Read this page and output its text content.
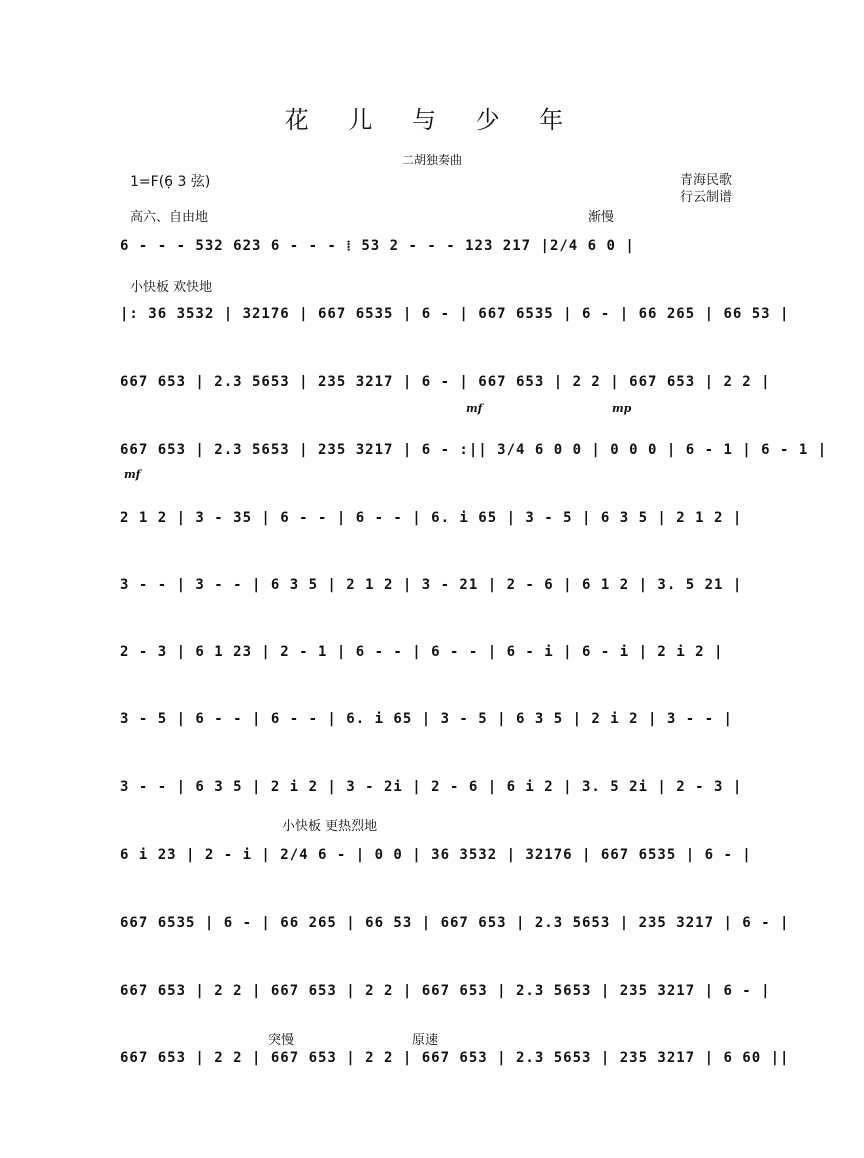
花 儿 与 少 年
二胡独奏曲
1=F(6̣ 3 弦)	青海民歌
行云制谱
高六、自由地	渐慢
小快板 欢快地
小快板 更热烈地
突慢	原速
mf	mp
mf
6 - - - 532 623 6 - - - ⁞ 53 2 - - - 123 217 |2/4 6 0 |
|: 36 3532 | 32176 | 667 6535 | 6 - | 667 6535 | 6 - | 66 265 | 66 53 |
667 653 | 2.3 5653 | 235 3217 | 6 - | 667 653 | 2 2 | 667 653 | 2 2 |
667 653 | 2.3 5653 | 235 3217 | 6 - :|| 3/4 6 0 0 | 0 0 0 | 6 - 1 | 6 - 1 |
2 1 2 | 3 - 35 | 6 - - | 6 - - | 6. i 65 | 3 - 5 | 6 3 5 | 2 1 2 |
3 - - | 3 - - | 6 3 5 | 2 1 2 | 3 - 21 | 2 - 6 | 6 1 2 | 3. 5 21 |
2 - 3 | 6 1 23 | 2 - 1 | 6 - - | 6 - - | 6 - i | 6 - i | 2 i 2 |
3 - 5 | 6 - - | 6 - - | 6. i 65 | 3 - 5 | 6 3 5 | 2 i 2 | 3 - - |
3 - - | 6 3 5 | 2 i 2 | 3 - 2i | 2 - 6 | 6 i 2 | 3. 5 2i | 2 - 3 |
6 i 23 | 2 - i | 2/4 6 - | 0 0 | 36 3532 | 32176 | 667 6535 | 6 - |
667 6535 | 6 - | 66 265 | 66 53 | 667 653 | 2.3 5653 | 235 3217 | 6 - |
667 653 | 2 2 | 667 653 | 2 2 | 667 653 | 2.3 5653 | 235 3217 | 6 - |
667 653 | 2 2 | 667 653 | 2 2 | 667 653 | 2.3 5653 | 235 3217 | 6 60 ||
